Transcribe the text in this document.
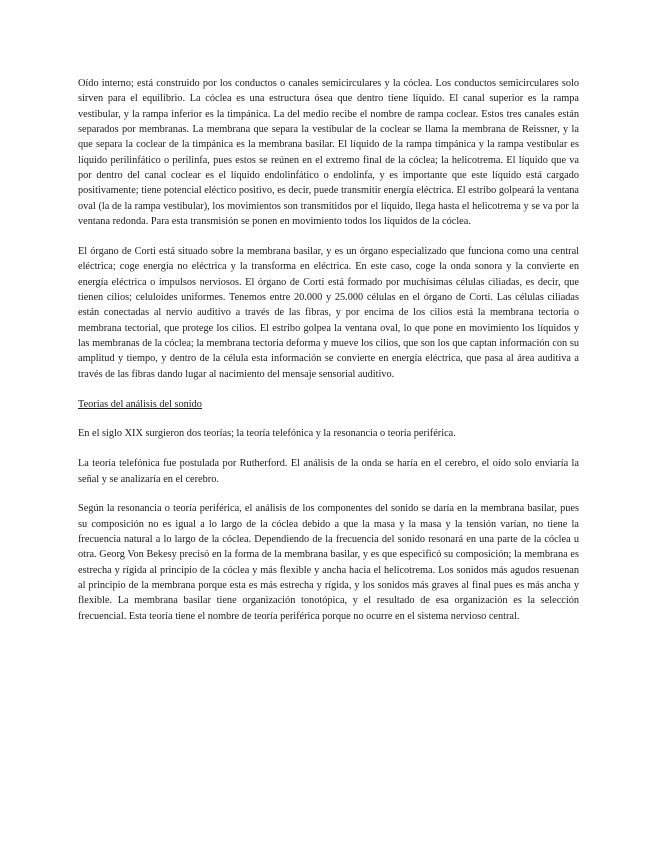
Oído interno; está construido por los conductos o canales semicirculares y la cóclea. Los conductos semicirculares solo sirven para el equilibrio. La cóclea es una estructura ósea que dentro tiene líquido. El canal superior es la rampa vestibular, y la rampa inferior es la timpánica. La del medio recibe el nombre de rampa coclear. Estos tres canales están separados por membranas. La membrana que separa la vestíbular de la coclear se llama la membrana de Reissner, y la que separa la coclear de la timpánica es la membrana basilar. El líquido de la rampa timpánica y la rampa vestibular es líquido perilinfático o perilinfa, pues estos se reúnen en el extremo final de la cóclea; la helicotrema. El líquido que va por dentro del canal coclear es el líquido endolinfático o endolinfa, y es importante que este líquido está cargado positivamente; tiene potencial eléctico positivo, es decir, puede transmitir energía eléctrica. El estribo golpeará la ventana oval (la de la rampa vestibular), los movimientos son transmitidos por el líquido, llega hasta el helicotrema y se va por la ventana redonda. Para esta transmisión se ponen en movimiento todos los líquidos de la cóclea.

El órgano de Corti está situado sobre la membrana basilar, y es un órgano especializado que funciona como una central eléctrica; coge energía no eléctrica y la transforma en eléctrica. En este caso, coge la onda sonora y la convierte en energía eléctrica o impulsos nerviosos. El órgano de Corti está formado por muchísimas células ciliadas, es decir, que tienen cilios; celuloides uniformes. Tenemos entre 20.000 y 25.000 células en el órgano de Corti. Las células ciliadas están conectadas al nervio auditivo a través de las fibras, y por encima de los cilios está la membrana tectoria o membrana tectorial, que protege los cilios. El estribo golpea la ventana oval, lo que pone en movimiento los líquidos y las membranas de la cóclea; la membrana tectoria deforma y mueve los cilios, que son los que captan información con su amplitud y tiempo, y dentro de la célula esta información se convierte en energía eléctrica, que pasa al área auditiva a través de las fibras dando lugar al nacimiento del mensaje sensorial auditivo.

Teorías del análisis del sonido

En el siglo XIX surgieron dos teorías; la teoría telefónica y la resonancia o teoría periférica.

La teoría telefónica fue postulada por Rutherford. El análisis de la onda se haría en el cerebro, el oído solo enviaría la señal y se analizaría en el cerebro.

Según la resonancia o teoría periférica, el análisis de los componentes del sonido se daría en la membrana basilar, pues su composición no es igual a lo largo de la cóclea debido a que la masa y la masa y la tensión varían, no tiene la frecuencia natural a lo largo de la cóclea. Dependiendo de la frecuencia del sonido resonará en una parte de la cóclea u otra. Georg Von Bekesy precisó en la forma de la membrana basilar, y es que especificó su composición; la membrana es estrecha y rígida al principio de la cóclea y más flexible y ancha hacia el helicotrema. Los sonidos más agudos resuenan al principio de la membrana porque esta es más estrecha y rígida, y los sonidos más graves al final pues es más ancha y flexible. La membrana basilar tiene organización tonotópica, y el resultado de esa organización es la selección frecuencial. Esta teoría tiene el nombre de teoría periférica porque no ocurre en el sistema nervioso central.
